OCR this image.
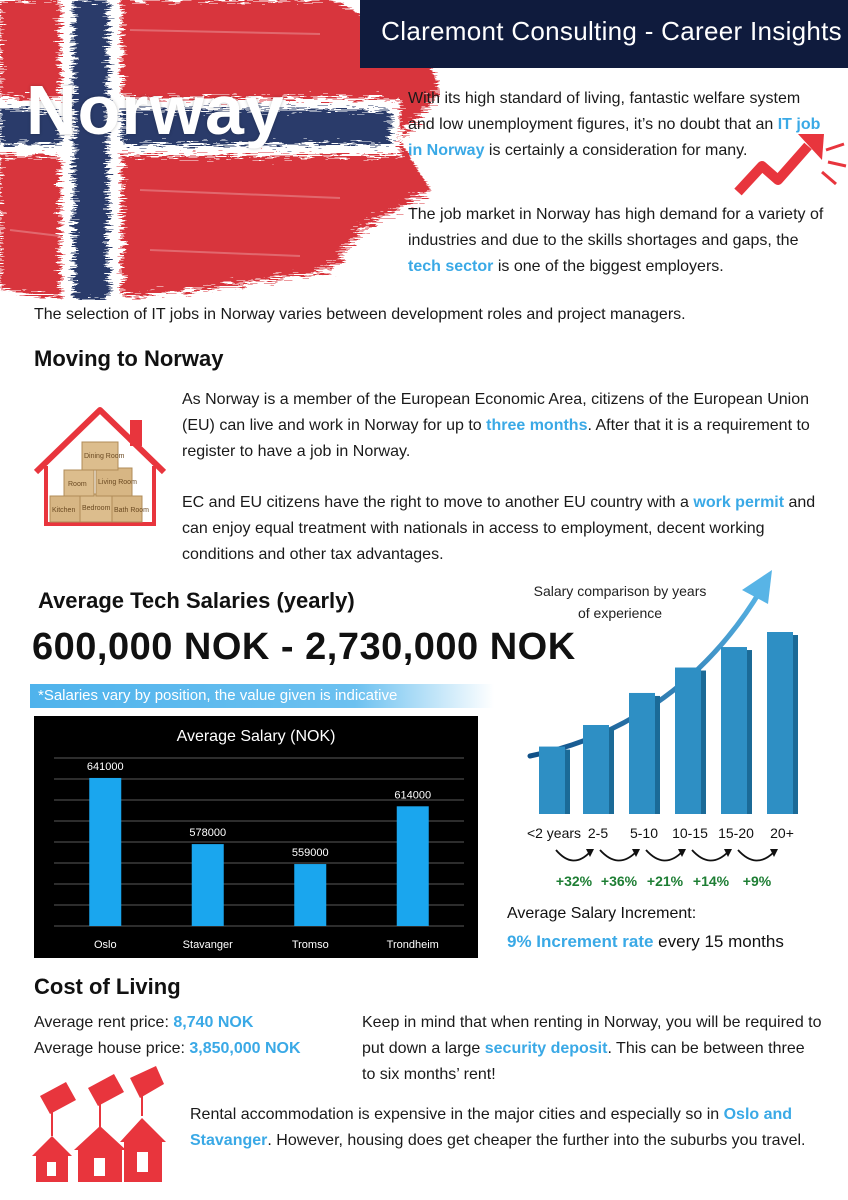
Norway
Claremont Consulting - Career Insights
With its high standard of living, fantastic welfare system and low unemployment figures, it’s no doubt that an IT job in Norway is certainly a consideration for many.
The job market in Norway has high demand for a variety of industries and due to the skills shortages and gaps, the tech sector is one of the biggest employers.
The selection of IT jobs in Norway varies between development roles and project managers.
Moving to Norway
Kitchen Bedroom Bath Room
Room Living Room
Dining Room
As Norway is a member of the European Economic Area, citizens of the European Union (EU) can live and work in Norway for up to three months. After that it is a requirement to register to have a job in Norway.
EC and EU citizens have the right to move to another EU country with a work permit and can enjoy equal treatment with nationals in access to employment, decent working conditions and other tax advantages.
Average Tech Salaries (yearly)
600,000 NOK - 2,730,000 NOK
*Salaries vary by position, the value given is indicative
Average Salary (NOK)
641000
Oslo
578000
Stavanger
559000
Tromso
614000
Trondheim
Salary comparison by years of experience
<2 years 2-5 5-10 10-15 15-20 20+
+32% +36% +21% +14% +9%
Average Salary Increment:
9% Increment rate every 15 months
Cost of Living
Average rent price: 8,740 NOK
Average house price: 3,850,000 NOK
Keep in mind that when renting in Norway, you will be required to put down a large security deposit. This can be between three to six months’ rent!
Rental accommodation is expensive in the major cities and especially so in Oslo and Stavanger. However, housing does get cheaper the further into the suburbs you travel.
